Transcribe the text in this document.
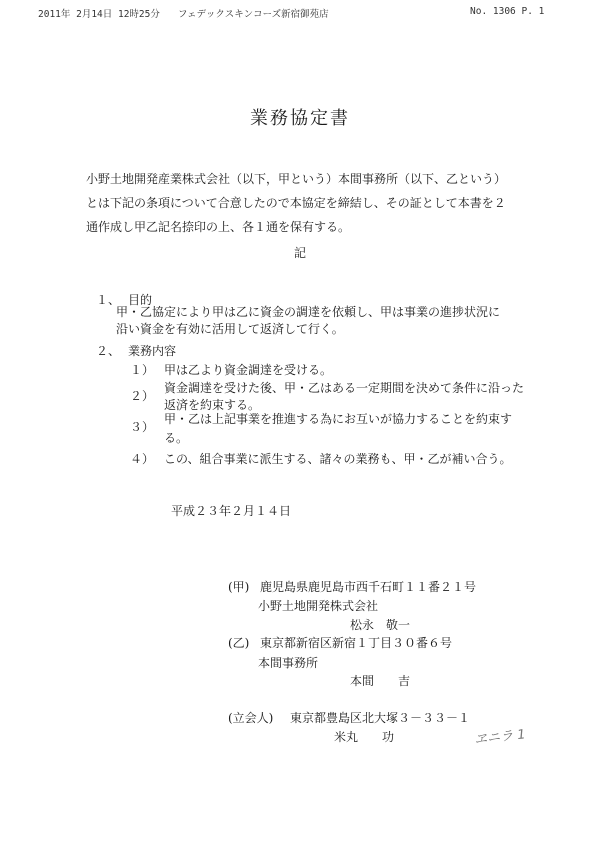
2011年 2月14日 12時25分 フェデックスキンコーズ新宿御苑店	No. 1306 P. 1
業務協定書
小野土地開発産業株式会社（以下，甲という）本間事務所（以下、乙という）
とは下記の条項について合意したので本協定を締結し、その証として本書を２
通作成し甲乙記名捺印の上、各１通を保有する。
記
１、 目的
甲・乙協定により甲は乙に資金の調達を依頼し、甲は事業の進捗状況に
沿い資金を有効に活用して返済して行く。
２、 業務内容
１） 甲は乙より資金調達を受ける。
２）
資金調達を受けた後、甲・乙はある一定期間を決めて条件に沿った
返済を約束する。
３）
甲・乙は上記事業を推進する為にお互いが協力することを約束す
る。
４） この、組合事業に派生する、諸々の業務も、甲・乙が補い合う。
平成２３年２月１４日
(甲) 鹿児島県鹿児島市西千石町１１番２１号
小野土地開発株式会社
松永　敬一
(乙) 東京都新宿区新宿１丁目３０番６号
本間事務所
本間　　吉
(立会人) 東京都豊島区北大塚３－３３－１
米丸　　功	ヱニラ 1
